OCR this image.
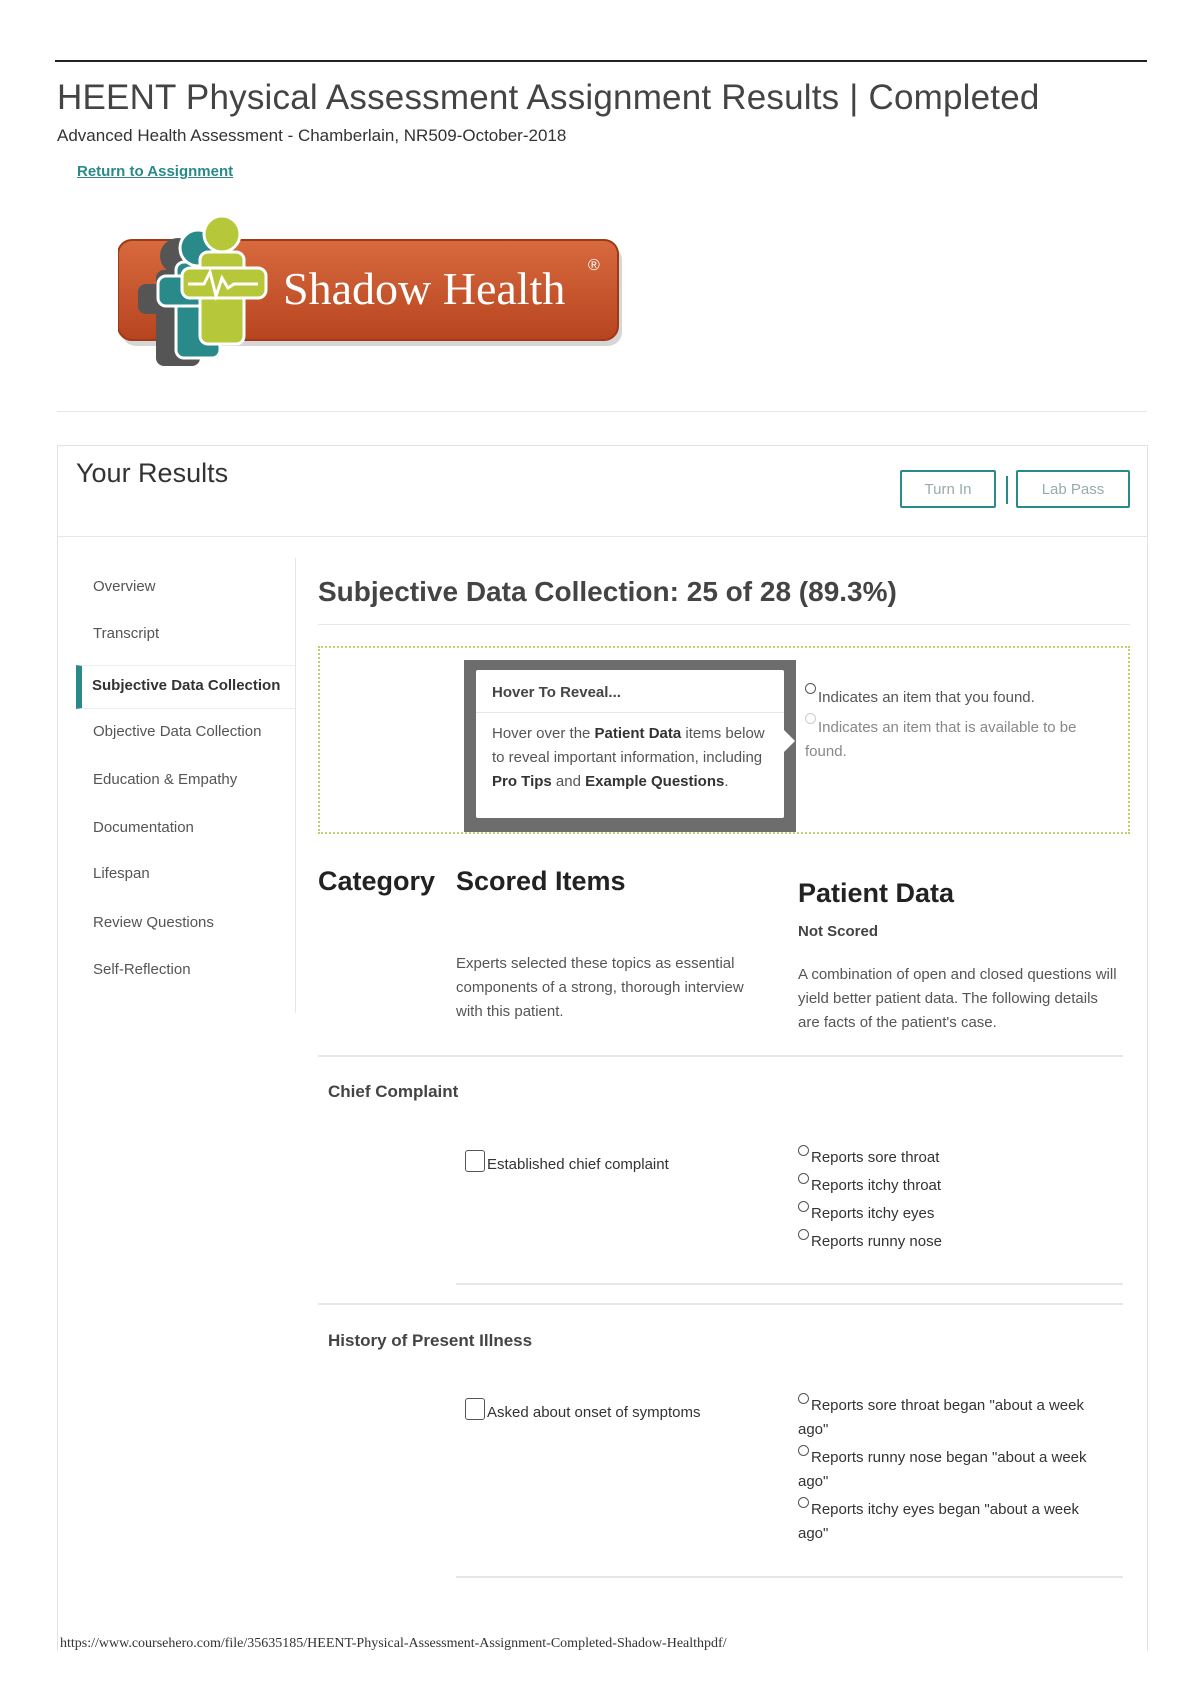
HEENT Physical Assessment Assignment Results | Completed
Advanced Health Assessment - Chamberlain, NR509-October-2018
Return to Assignment
Shadow Health ®
Your Results
Turn In	Lab Pass
Overview
Transcript
Subjective Data Collection
Objective Data Collection
Education & Empathy
Documentation
Lifespan
Review Questions
Self-Reflection
Subjective Data Collection: 25 of 28 (89.3%)
Hover To Reveal...
Hover over the Patient Data items below to reveal important information, including Pro Tips and Example Questions.
Indicates an item that you found.
Indicates an item that is available to be found.
Category Scored Items	Patient Data
Not Scored
Experts selected these topics as essential components of a strong, thorough interview with this patient.
A combination of open and closed questions will yield better patient data. The following details are facts of the patient's case.
Chief Complaint
Established chief complaint	Reports sore throat
Reports itchy throat
Reports itchy eyes
Reports runny nose
History of Present Illness
Asked about onset of symptoms	Reports sore throat began "about a week ago"
Reports runny nose began "about a week ago"
Reports itchy eyes began "about a week ago"
https://www.coursehero.com/file/35635185/HEENT-Physical-Assessment-Assignment-Completed-Shadow-Healthpdf/
